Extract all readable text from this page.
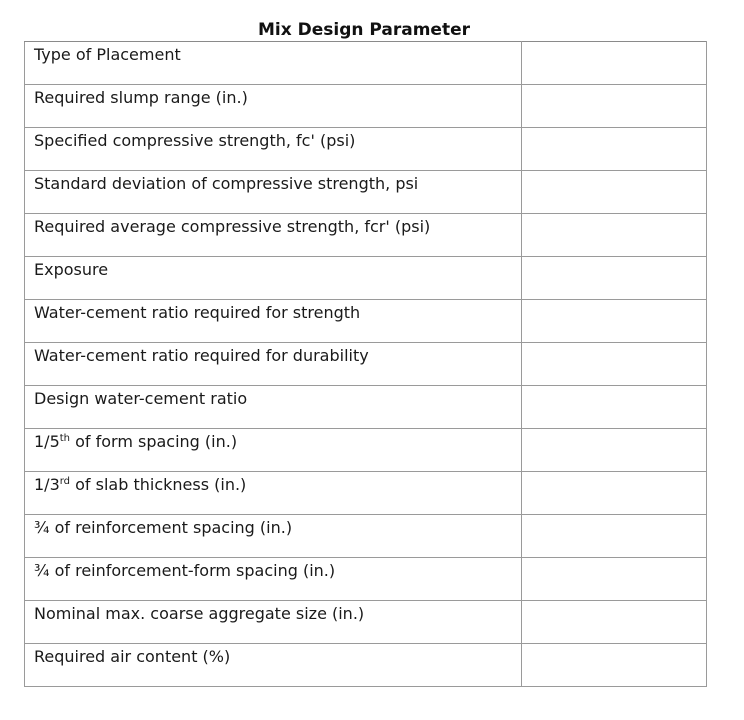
Mix Design Parameter
Type of Placement	
Required slump range (in.)	
Specified compressive strength, fc' (psi)	
Standard deviation of compressive strength, psi	
Required average compressive strength, fcr' (psi)	
Exposure	
Water-cement ratio required for strength	
Water-cement ratio required for durability	
Design water-cement ratio	
1/5th of form spacing (in.)	
1/3rd of slab thickness (in.)	
¾ of reinforcement spacing (in.)	
¾ of reinforcement-form spacing (in.)	
Nominal max. coarse aggregate size (in.)	
Required air content (%)	
